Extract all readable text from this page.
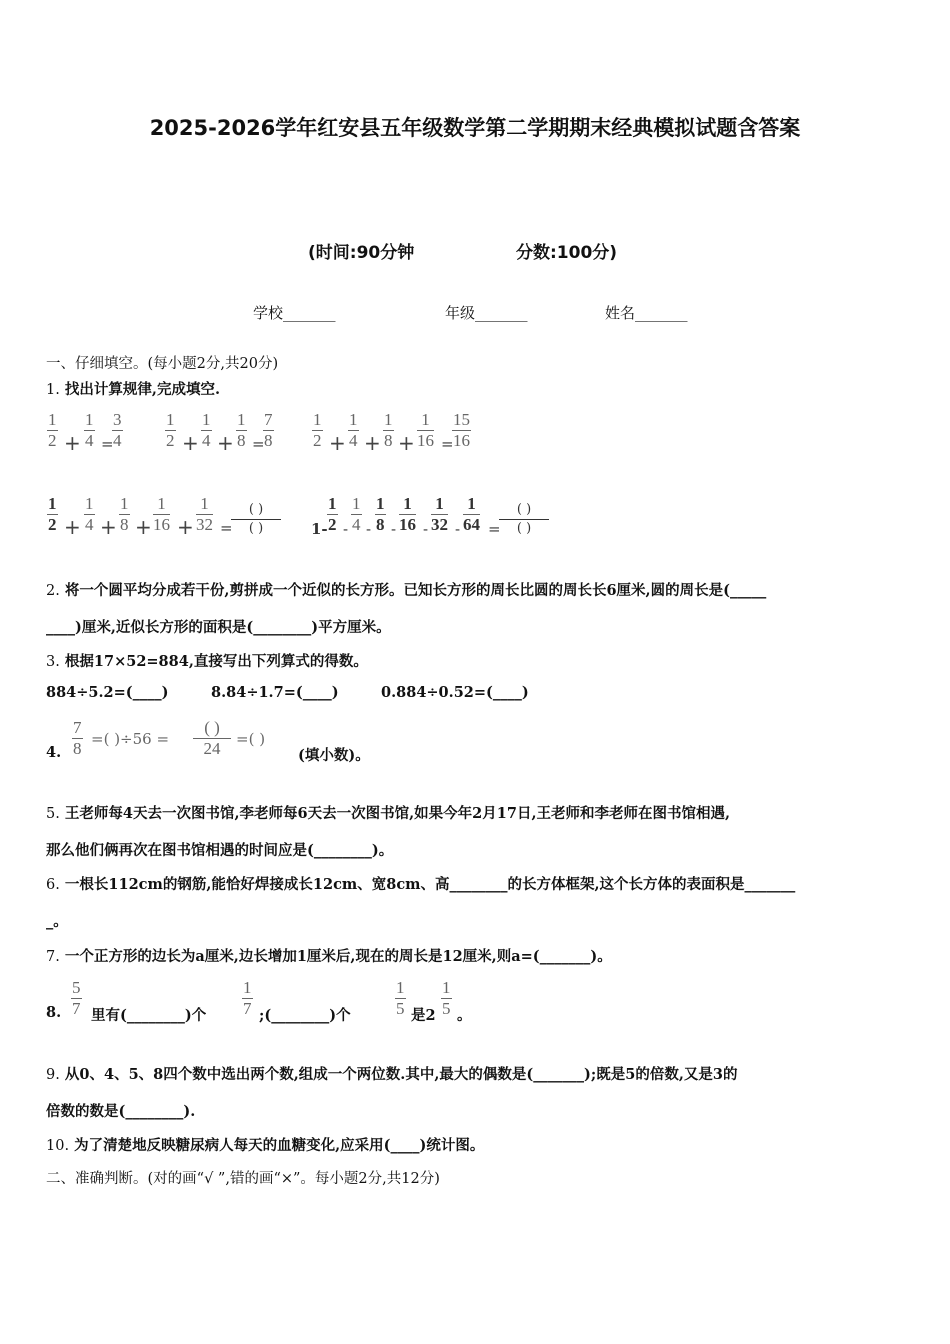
2025-2026学年红安县五年级数学第二学期期末经典模拟试题含答案
(时间:90分钟	分数:100分)
学校_______	年级_______	姓名_______
一、仔细填空。(每小题2分,共20分)
1. 找出计算规律,完成填空.
$\frac{1}{2} + \frac{1}{4}$ =
$\frac{3}{4}$	$\frac{1}{2} + \frac{1}{4} + \frac{1}{8}$ =
$\frac{7}{8} \frac{1}{2} + \frac{1}{4} + \frac{1}{8} + \frac{1}{16}$ =
$\frac{15}{16}$
$\frac{1}{2} + \frac{1}{4} + \frac{1}{8} + \frac{1}{16} + \frac{1}{32}$ =
( )
( )	$1- \frac{1}{2} - \frac{1}{4} - \frac{1}{8} - \frac{1}{16} - \frac{1}{32} - \frac{1}{64}$ =
( )
( )
2. 将一个圆平均分成若干份,剪拼成一个近似的长方形。已知长方形的周长比圆的周长长6厘米,圆的周长是(_____
____)厘米,近似长方形的面积是(________)平方厘米。
3. 根据17×52=884,直接写出下列算式的得数。
884÷5.2=(____)	8.84÷1.7=(____)	0.884÷0.52=(____)
4. $\frac{7}{8}$ =( )÷56 =
( )
24	=( )
(填小数)。
5. 王老师每4天去一次图书馆,李老师每6天去一次图书馆,如果今年2月17日,王老师和李老师在图书馆相遇,
那么他们俩再次在图书馆相遇的时间应是(________)。
6. 一根长112cm的钢筋,能恰好焊接成长12cm、宽8cm、高________的长方体框架,这个长方体的表面积是_______
_。
7. 一个正方形的边长为a厘米,边长增加1厘米后,现在的周长是12厘米,则a=(_______)。
8. $\frac{5}{7}$ 里有(________)个 $\frac{1}{7}$ ;(________)个	$\frac{1}{5}$ 是$2 \frac{1}{5}$ 。
9. 从0、4、5、8四个数中选出两个数,组成一个两位数.其中,最大的偶数是(_______);既是5的倍数,又是3的
倍数的数是(________).
10. 为了清楚地反映糖尿病人每天的血糖变化,应采用(____)统计图。
二、准确判断。(对的画“√ ”,错的画“×”。每小题2分,共12分)
